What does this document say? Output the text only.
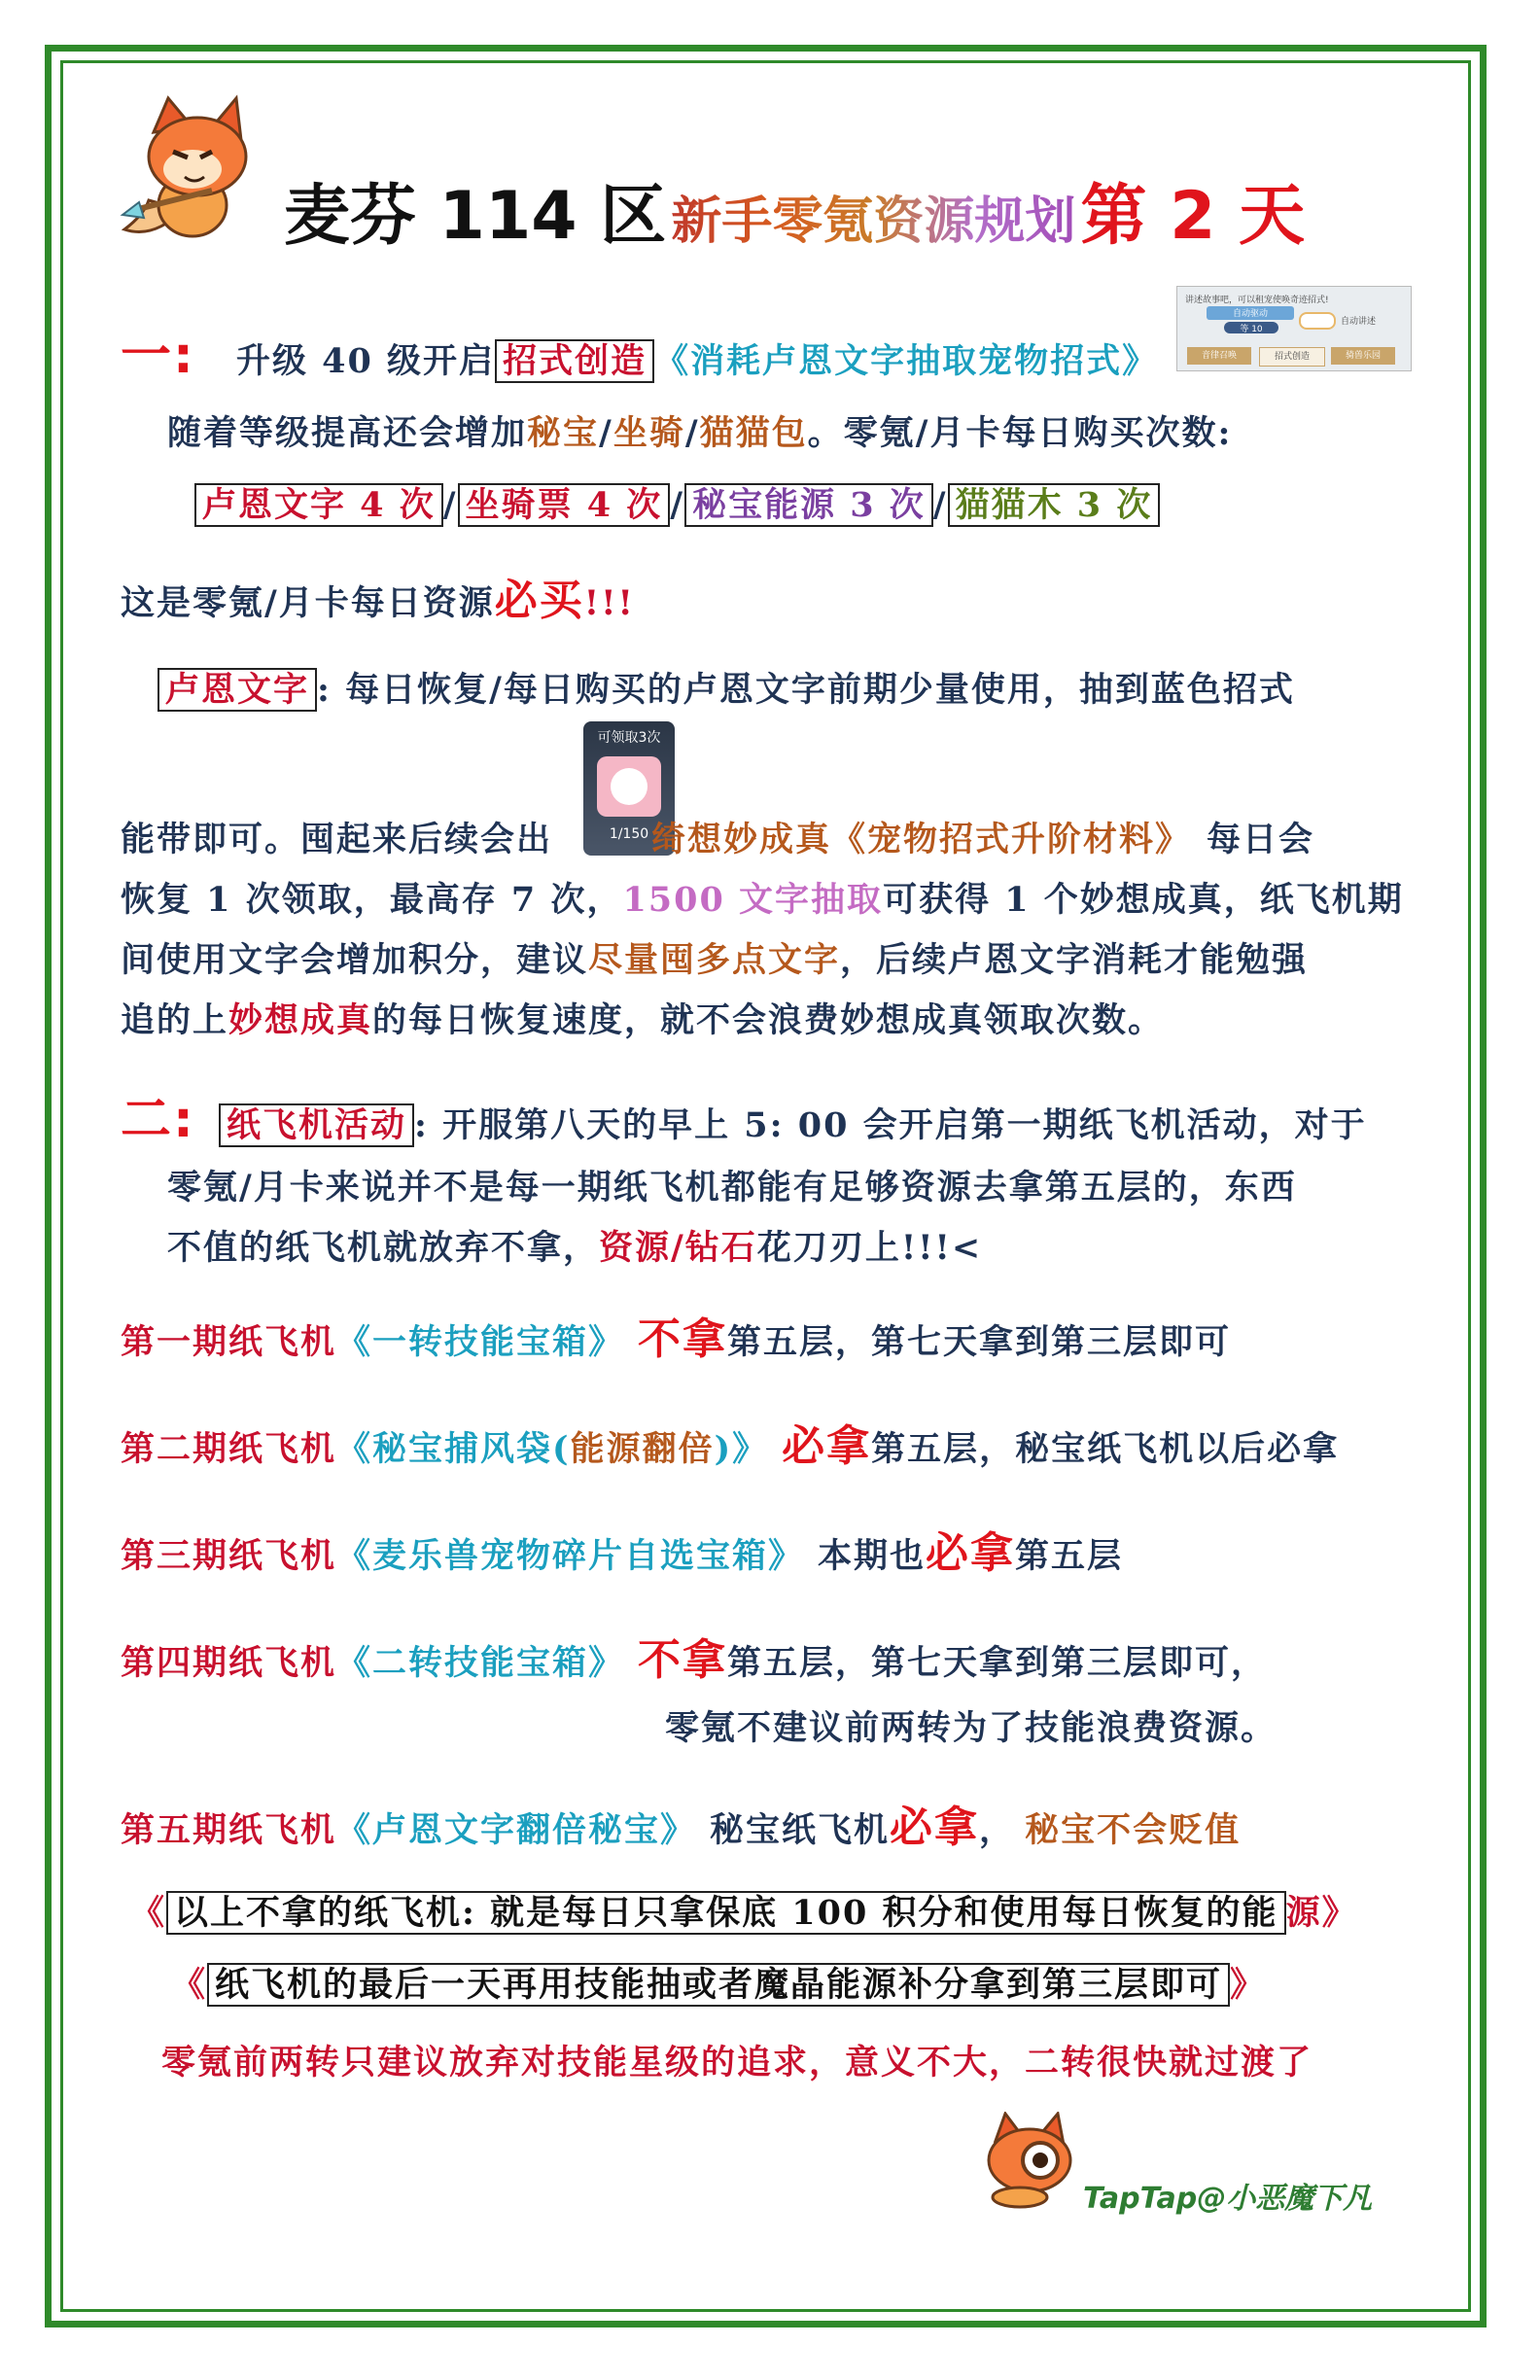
麦芬 114 区 新手零氪资源规划 第 2 天
讲述故事吧，可以租宠使唤奇迹招式!
自动驱动
等 10
自动讲述
音律召唤	招式创造	骑兽乐园
一: 升级 40 级开启 招式创造 《消耗卢恩文字抽取宠物招式》
随着等级提高还会增加秘宝/坐骑/猫猫包。零氪/月卡每日购买次数:
卢恩文字 4 次 / 坐骑票 4 次 / 秘宝能源 3 次 / 猫猫木 3 次
这是零氪/月卡每日资源必买!!!
卢恩文字 : 每日恢复/每日购买的卢恩文字前期少量使用，抽到蓝色招式
可领取3次
1/150
能带即可。囤起来后续会出	绮想妙成真《宠物招式升阶材料》 每日会
恢复 1 次领取，最高存 7 次，1500 文字抽取可获得 1 个妙想成真，纸飞机期
间使用文字会增加积分，建议尽量囤多点文字，后续卢恩文字消耗才能勉强
追的上妙想成真的每日恢复速度，就不会浪费妙想成真领取次数。
二: 纸飞机活动 : 开服第八天的早上 5: 00 会开启第一期纸飞机活动，对于
零氪/月卡来说并不是每一期纸飞机都能有足够资源去拿第五层的，东西
不值的纸飞机就放弃不拿，资源/钻石花刀刃上!!!<
第一期纸飞机《一转技能宝箱》 不拿第五层，第七天拿到第三层即可
第二期纸飞机《秘宝捕风袋(能源翻倍)》 必拿第五层，秘宝纸飞机以后必拿
第三期纸飞机《麦乐兽宠物碎片自选宝箱》 本期也必拿第五层
第四期纸飞机《二转技能宝箱》 不拿第五层，第七天拿到第三层即可，
零氪不建议前两转为了技能浪费资源。
第五期纸飞机《卢恩文字翻倍秘宝》 秘宝纸飞机必拿， 秘宝不会贬值
《 以上不拿的纸飞机: 就是每日只拿保底 100 积分和使用每日恢复的能 源》
《 纸飞机的最后一天再用技能抽或者魔晶能源补分拿到第三层即可 》
零氪前两转只建议放弃对技能星级的追求，意义不大，二转很快就过渡了
TapTap@小恶魔下凡
